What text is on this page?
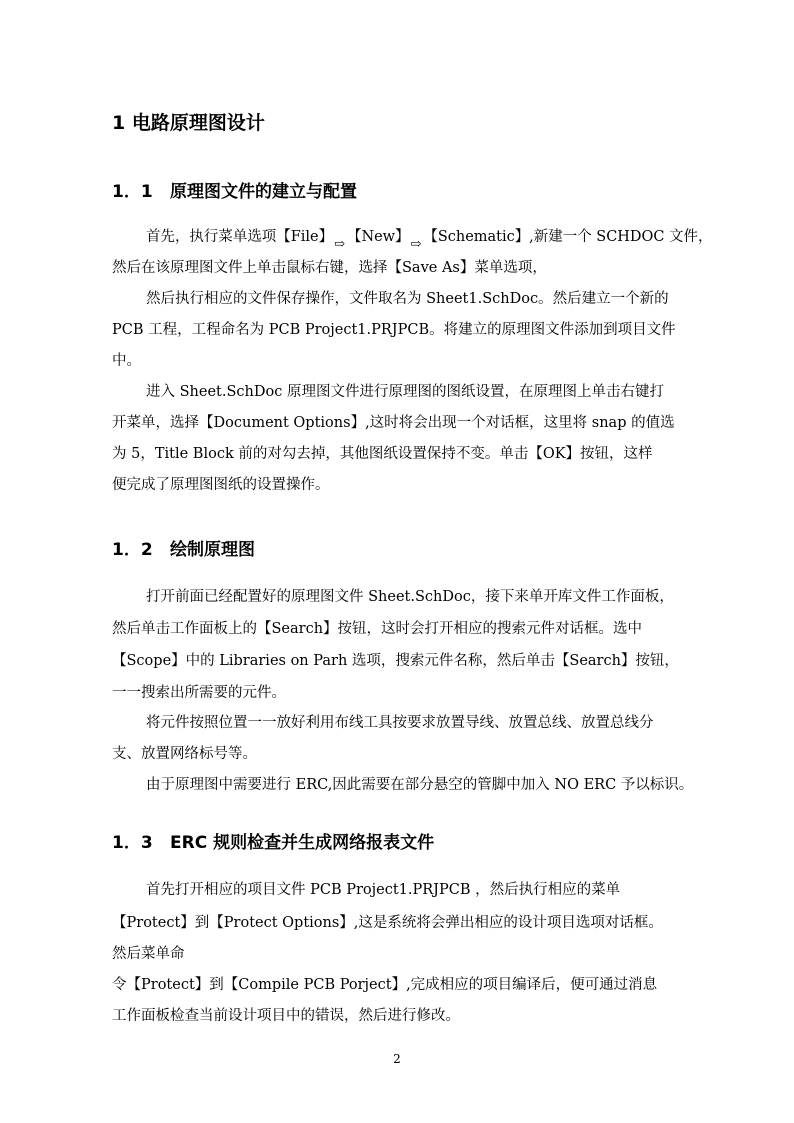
1 电路原理图设计
1．1 原理图文件的建立与配置
首先，执行菜单选项【File】⇨ 【New】⇨ 【Schematic】,新建一个 SCHDOC 文件，
然后在该原理图文件上单击鼠标右键，选择【Save As】菜单选项，
然后执行相应的文件保存操作，文件取名为 Sheet1.SchDoc。然后建立一个新的
PCB 工程，工程命名为 PCB Project1.PRJPCB。将建立的原理图文件添加到项目文件
中。
进入 Sheet.SchDoc 原理图文件进行原理图的图纸设置，在原理图上单击右键打
开菜单，选择【Document Options】,这时将会出现一个对话框，这里将 snap 的值选
为 5，Title Block 前的对勾去掉，其他图纸设置保持不变。单击【OK】按钮，这样
便完成了原理图图纸的设置操作。
1．2 绘制原理图
打开前面已经配置好的原理图文件 Sheet.SchDoc，接下来单开库文件工作面板，
然后单击工作面板上的【Search】按钮，这时会打开相应的搜索元件对话框。选中
【Scope】中的 Libraries on Parh 选项，搜索元件名称，然后单击【Search】按钮，
一一搜索出所需要的元件。
将元件按照位置一一放好利用布线工具按要求放置导线、放置总线、放置总线分
支、放置网络标号等。
由于原理图中需要进行 ERC,因此需要在部分悬空的管脚中加入 NO ERC 予以标识。
1．3 ERC 规则检查并生成网络报表文件
首先打开相应的项目文件 PCB Project1.PRJPCB ，然后执行相应的菜单
【Protect】到【Protect Options】,这是系统将会弹出相应的设计项目选项对话框。
然后菜单命
令【Protect】到【Compile PCB Porject】,完成相应的项目编译后，便可通过消息
工作面板检查当前设计项目中的错误，然后进行修改。
2
